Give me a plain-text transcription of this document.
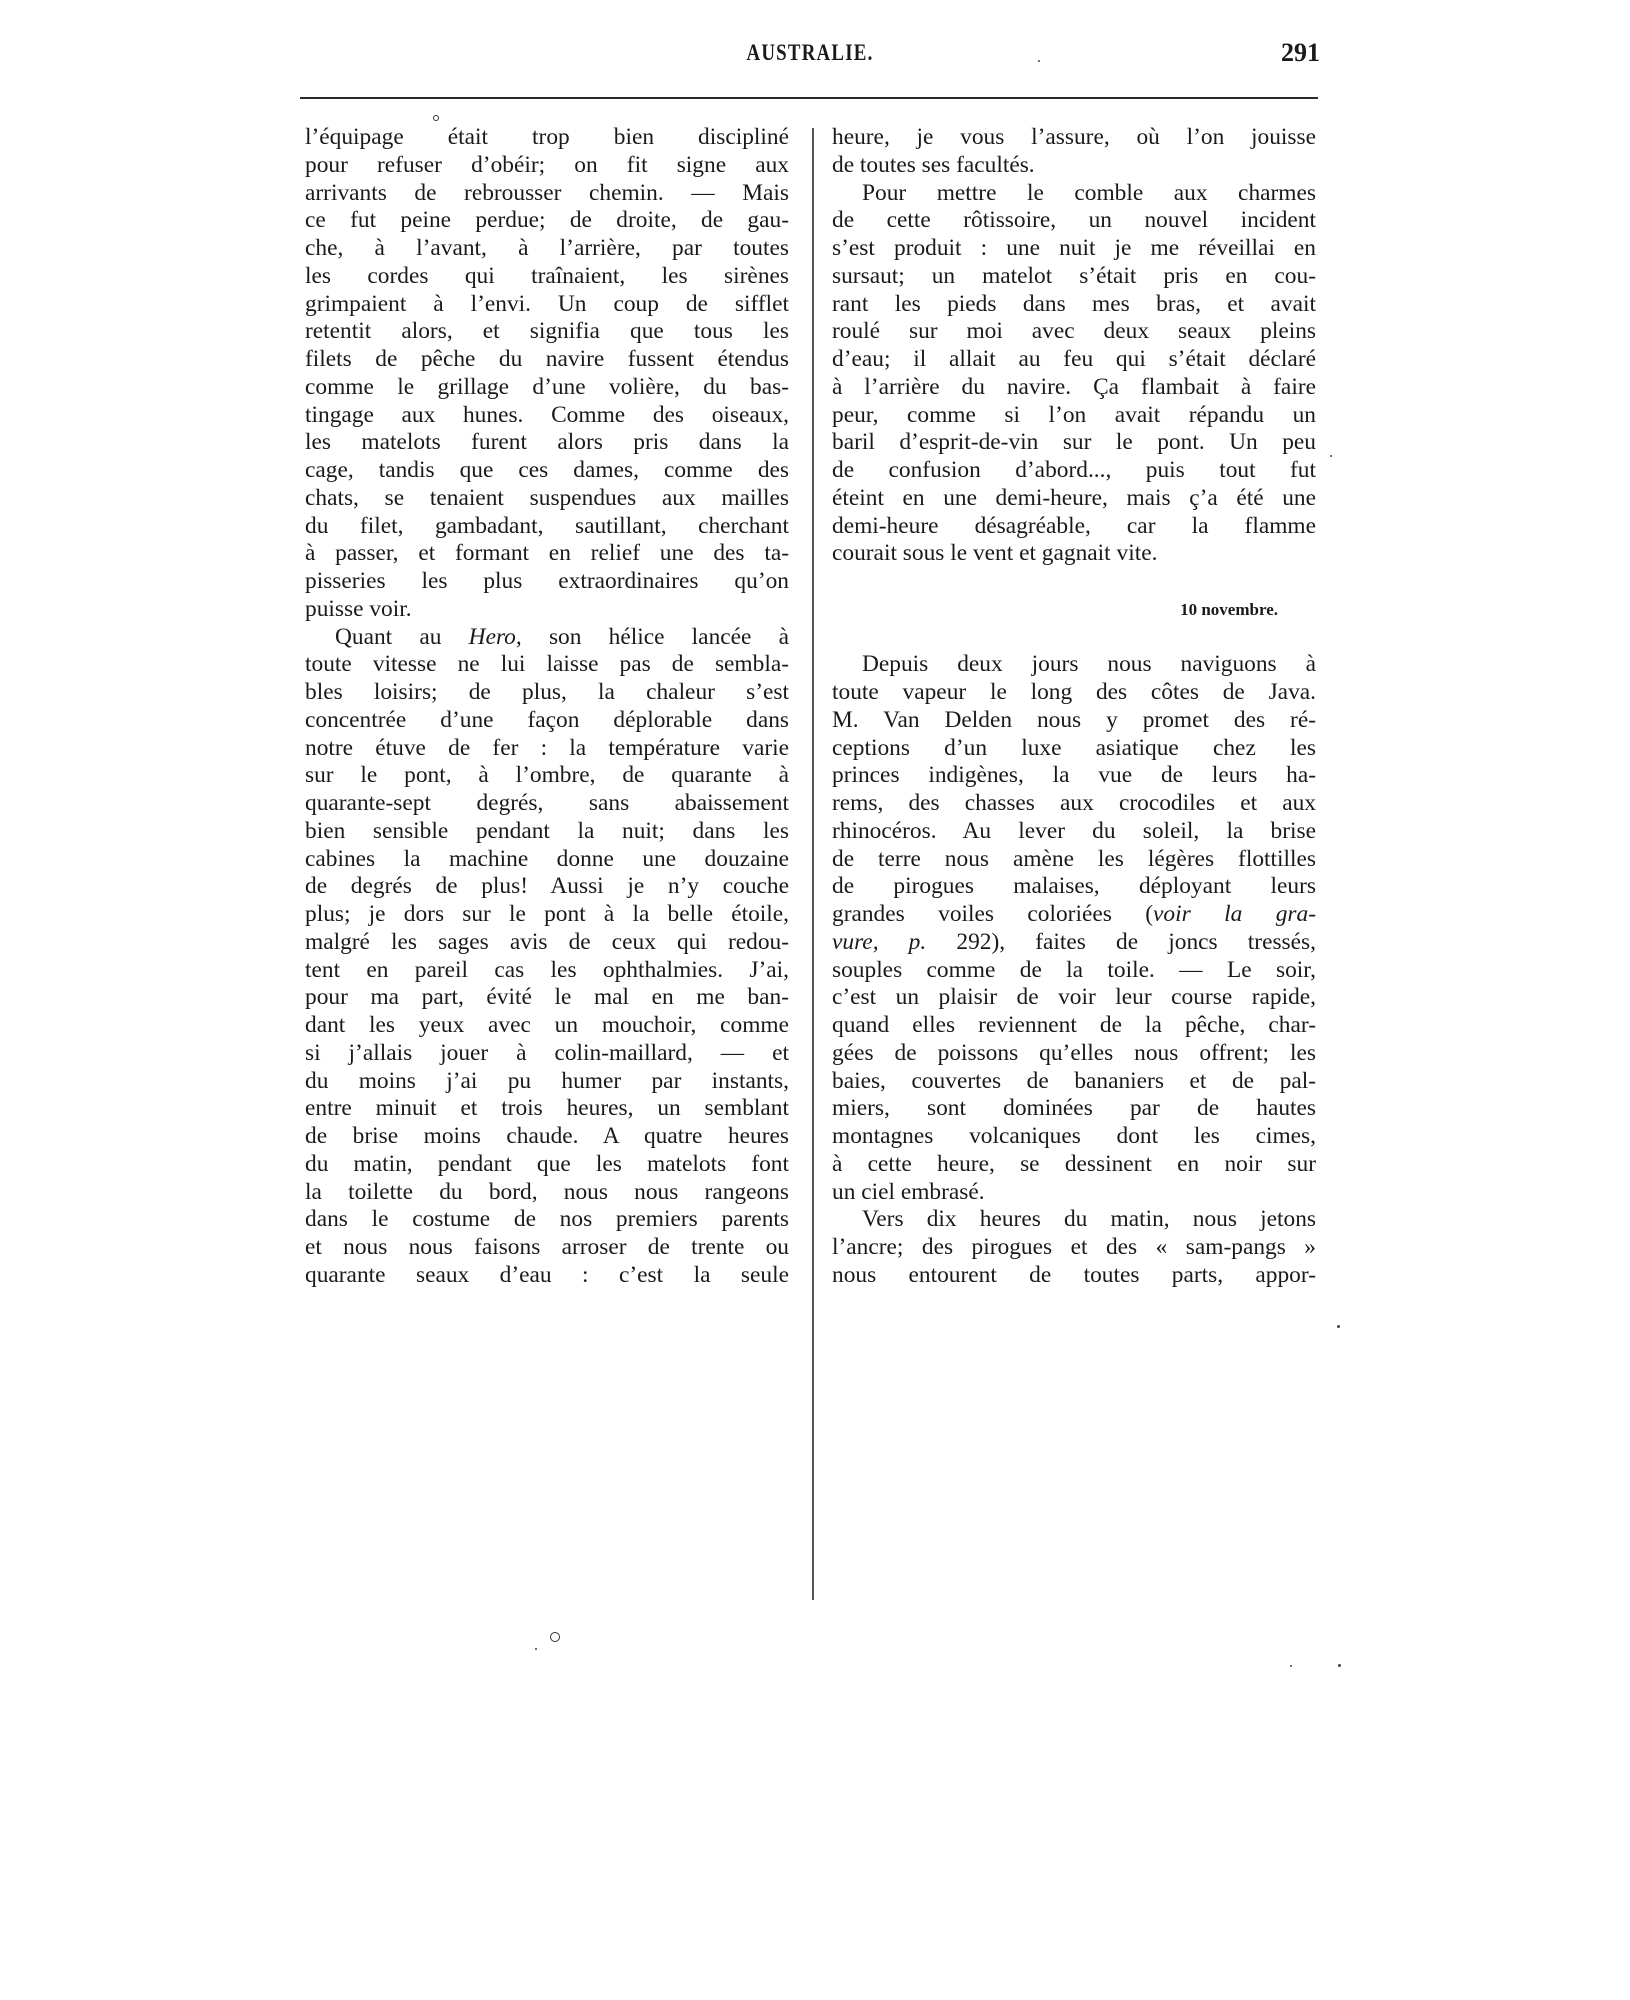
AUSTRALIE.	291
l’équipage était trop bien discipliné
pour refuser d’obéir; on fit signe aux
arrivants de rebrousser chemin. — Mais
ce fut peine perdue; de droite, de gau-
che, à l’avant, à l’arrière, par toutes
les cordes qui traînaient, les sirènes
grimpaient à l’envi. Un coup de sifflet
retentit alors, et signifia que tous les
filets de pêche du navire fussent étendus
comme le grillage d’une volière, du bas-
tingage aux hunes. Comme des oiseaux,
les matelots furent alors pris dans la
cage, tandis que ces dames, comme des
chats, se tenaient suspendues aux mailles
du filet, gambadant, sautillant, cherchant
à passer, et formant en relief une des ta-
pisseries les plus extraordinaires qu’on
puisse voir.
Quant au Hero, son hélice lancée à
toute vitesse ne lui laisse pas de sembla-
bles loisirs; de plus, la chaleur s’est
concentrée d’une façon déplorable dans
notre étuve de fer : la température varie
sur le pont, à l’ombre, de quarante à
quarante-sept degrés, sans abaissement
bien sensible pendant la nuit; dans les
cabines la machine donne une douzaine
de degrés de plus! Aussi je n’y couche
plus; je dors sur le pont à la belle étoile,
malgré les sages avis de ceux qui redou-
tent en pareil cas les ophthalmies. J’ai,
pour ma part, évité le mal en me ban-
dant les yeux avec un mouchoir, comme
si j’allais jouer à colin-maillard, — et
du moins j’ai pu humer par instants,
entre minuit et trois heures, un semblant
de brise moins chaude. A quatre heures
du matin, pendant que les matelots font
la toilette du bord, nous nous rangeons
dans le costume de nos premiers parents
et nous nous faisons arroser de trente ou
quarante seaux d’eau : c’est la seule
heure, je vous l’assure, où l’on jouisse
de toutes ses facultés.
Pour mettre le comble aux charmes
de cette rôtissoire, un nouvel incident
s’est produit : une nuit je me réveillai en
sursaut; un matelot s’était pris en cou-
rant les pieds dans mes bras, et avait
roulé sur moi avec deux seaux pleins
d’eau; il allait au feu qui s’était déclaré
à l’arrière du navire. Ça flambait à faire
peur, comme si l’on avait répandu un
baril d’esprit-de-vin sur le pont. Un peu
de confusion d’abord..., puis tout fut
éteint en une demi-heure, mais ç’a été une
demi-heure désagréable, car la flamme
courait sous le vent et gagnait vite.
10 novembre.
Depuis deux jours nous naviguons à
toute vapeur le long des côtes de Java.
M. Van Delden nous y promet des ré-
ceptions d’un luxe asiatique chez les
princes indigènes, la vue de leurs ha-
rems, des chasses aux crocodiles et aux
rhinocéros. Au lever du soleil, la brise
de terre nous amène les légères flottilles
de pirogues malaises, déployant leurs
grandes voiles coloriées (voir la gra-
vure, p. 292), faites de joncs tressés,
souples comme de la toile. — Le soir,
c’est un plaisir de voir leur course rapide,
quand elles reviennent de la pêche, char-
gées de poissons qu’elles nous offrent; les
baies, couvertes de bananiers et de pal-
miers, sont dominées par de hautes
montagnes volcaniques dont les cimes,
à cette heure, se dessinent en noir sur
un ciel embrasé.
Vers dix heures du matin, nous jetons
l’ancre; des pirogues et des « sam-pangs »
nous entourent de toutes parts, appor-
